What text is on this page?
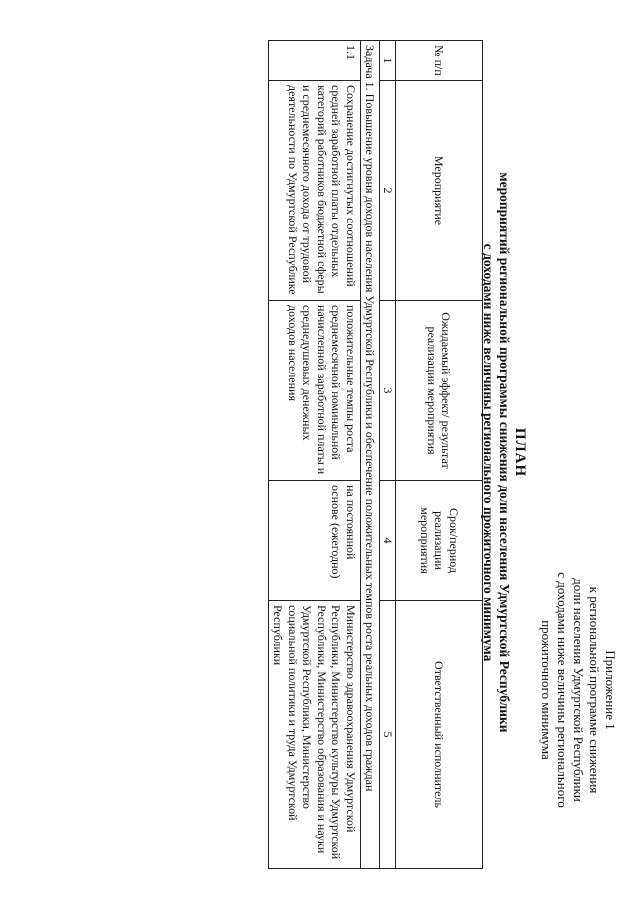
Приложение 1
к региональной программе снижения
доли населения Удмуртской Республики
с доходами ниже величины регионального
прожиточного минимума
ПЛАН
мероприятий региональной программы снижения доли населения Удмуртской Республики
с доходами ниже величины регионального прожиточного минимума
№ п/п	Мероприятие	Ожидаемый эффект/ результат реализации мероприятия	Срок/период реализации мероприятия	Ответственный исполнитель
1	2	3	4	5
Задача 1. Повышение уровня доходов населения Удмуртской Республики и обеспечение положительных темпов роста реальных доходов граждан				
1.1	Сохранение достигнутых соотношений средней заработной платы отдельных категорий работников бюджетной сферы и среднемесячного дохода от трудовой деятельности по Удмуртской Республике	положительные темпы роста среднемесячной номинальной начисленной заработной платы и среднедушевых денежных доходов населения	на постоянной основе (ежегодно)	Министерство здравоохранения Удмуртской Республики, Министерство культуры Удмуртской Республики, Министерство образования и науки Удмуртской Республики, Министерство социальной политики и труда Удмуртской Республики
